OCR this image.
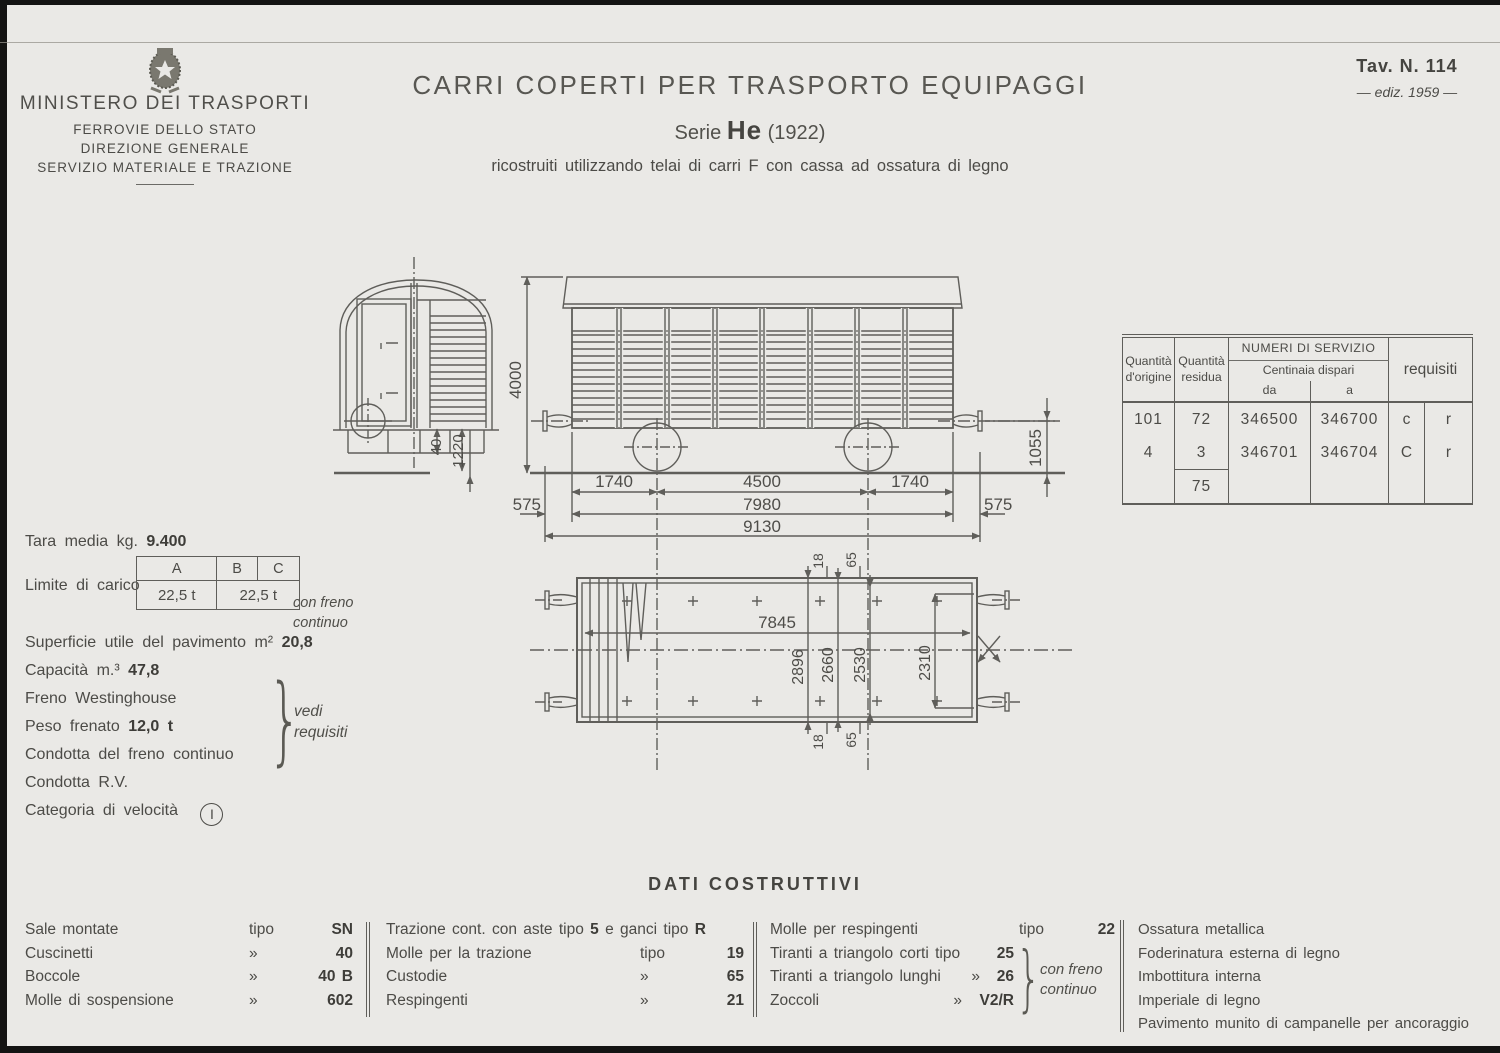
MINISTERO DEI TRASPORTI
FERROVIE DELLO STATO
DIREZIONE GENERALE
SERVIZIO MATERIALE E TRAZIONE
CARRI COPERTI PER TRASPORTO EQUIPAGGI
Serie He (1922)
ricostruiti utilizzando telai di carri F con cassa ad ossatura di legno
Tav. N. 114
— ediz. 1959 —
Quantità d'origine	Quantità residua	NUMERI DI SERVIZIO		requisiti	
		Centinaia dispari			
		da	a		
101	72	346500	346700	c	r
4	3	346701	346704	C	r
	75				
40 1220
4000
1055
1740	4500	1740
575	7980	575
9130
7845
2896 2660 2530	2310
18 65
18 65
Tara media kg. 9.400
Limite di carico
A	B	C
22,5 t	22,5 t	con freno continuo
Superficie utile del pavimento m² 20,8
Capacità m.³ 47,8
Freno Westinghouse
Peso frenato 12,0 t
Condotta del freno continuo
Condotta R.V.
Categoria di velocità I
}
vedi requisiti
DATI COSTRUTTIVI
Sale montate	tipo	SN
Cuscinetti	»	40
Boccole	»	40 B
Molle di sospensione	»	602
Trazione cont. con aste tipo
5
e ganci tipo
R
Molle per la trazione	tipo	19
Custodie	»	65
Respingenti	»	21
Molle per respingenti	tipo	22
Tiranti a triangolo corti tipo	25
Tiranti a triangolo lunghi	»	26
Zoccoli	»	V2/R }
con freno continuo
Ossatura metallica
Foderinatura esterna di legno
Imbottitura interna
Imperiale di legno
Pavimento munito di campanelle per ancoraggio
